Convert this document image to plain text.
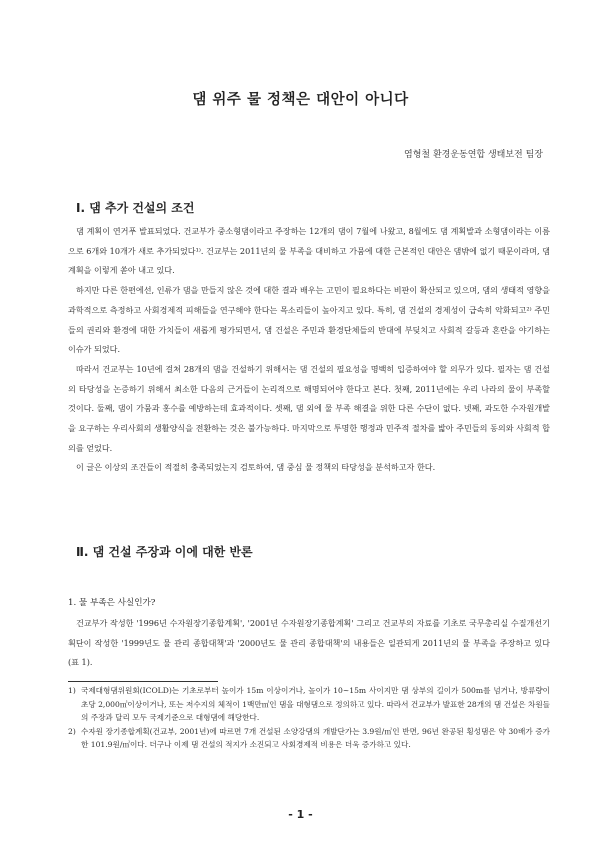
댐 위주 물 정책은 대안이 아니다
염형철 환경운동연합 생태보전 팀장
Ⅰ. 댐 추가 건설의 조건

댐 계획이 연거푸 발표되었다. 건교부가 중소형댐이라고 주장하는 12개의 댐이 7월에 나왔고, 8월에도 댐 계획발과 소형댐이라는 이름으로 6개와 10개가 새로 추가되었다¹⁾. 건교부는 2011년의 물 부족을 대비하고 가뭄에 대한 근본적인 대안은 댐밖에 없기 때문이라며, 댐 계획을 이렇게 쏟아 내고 있다.

하지만 다른 한편에선, 인류가 댐을 만들지 않은 것에 대한 결과 배우는 고민이 필요하다는 비판이 확산되고 있으며, 댐의 생태적 영향을 과학적으로 측정하고 사회경제적 피해들을 연구해야 한다는 목소리들이 높아지고 있다. 특히, 댐 건설의 경제성이 급속히 악화되고²⁾ 주민들의 권리와 환경에 대한 가치들이 새롭게 평가되면서, 댐 건설은 주민과 환경단체들의 반대에 부딪치고 사회적 갈등과 혼란을 야기하는 이슈가 되었다.

따라서 건교부는 10년에 걸쳐 28개의 댐을 건설하기 위해서는 댐 건설의 필요성을 명백히 입증하여야 할 의무가 있다. 필자는 댐 건설의 타당성을 논증하기 위해서 최소한 다음의 근거들이 논리적으로 해명되어야 한다고 본다. 첫째, 2011년에는 우리 나라의 물이 부족할 것이다. 둘째, 댐이 가뭄과 홍수를 예방하는데 효과적이다. 셋째, 댐 외에 물 부족 해결을 위한 다른 수단이 없다. 넷째, 과도한 수자원개발을 요구하는 우리사회의 생활양식을 전환하는 것은 불가능하다. 마지막으로 투명한 행정과 민주적 절차를 밟아 주민들의 동의와 사회적 합의를 얻었다.

이 글은 이상의 조건들이 적절히 충족되었는지 검토하여, 댐 중심 물 정책의 타당성을 분석하고자 한다.

Ⅱ. 댐 건설 주장과 이에 대한 반론
1. 물 부족은 사실인가?

건교부가 작성한 '1996년 수자원장기종합계획', '2001년 수자원장기종합계획' 그리고 건교부의 자료를 기초로 국무총리실 수질개선기획단이 작성한 '1999년도 물 관리 종합대책'과 '2000년도 물 관리 종합대책'의 내용들은 일관되게 2011년의 물 부족을 주장하고 있다(표 1).

1) 국제대형댐위원회(ICOLD)는 기초로부터 높이가 15m 이상이거나, 높이가 10~15m 사이지만 댐 상부의 길이가 500m를 넘거나, 방류량이 초당 2,000㎥이상이거나, 또는 저수지의 체적이 1백만㎥인 댐을 대형댐으로 정의하고 있다. 따라서 건교부가 발표한 28개의 댐 건설은 차원들의 주장과 달리 모두 국제기준으로 대형댐에 해당한다.
2) 수자원 장기종합계획(건교부, 2001년)에 따르면 7개 건설된 소양강댐의 개발단가는 3.9원/㎥인 반면, 96년 완공된 횡성댐은 약 30배가 증가한 101.9원/㎥이다. 더구나 이제 댐 건설의 적지가 소진되고 사회경제적 비용은 더욱 증가하고 있다.
- 1 -
